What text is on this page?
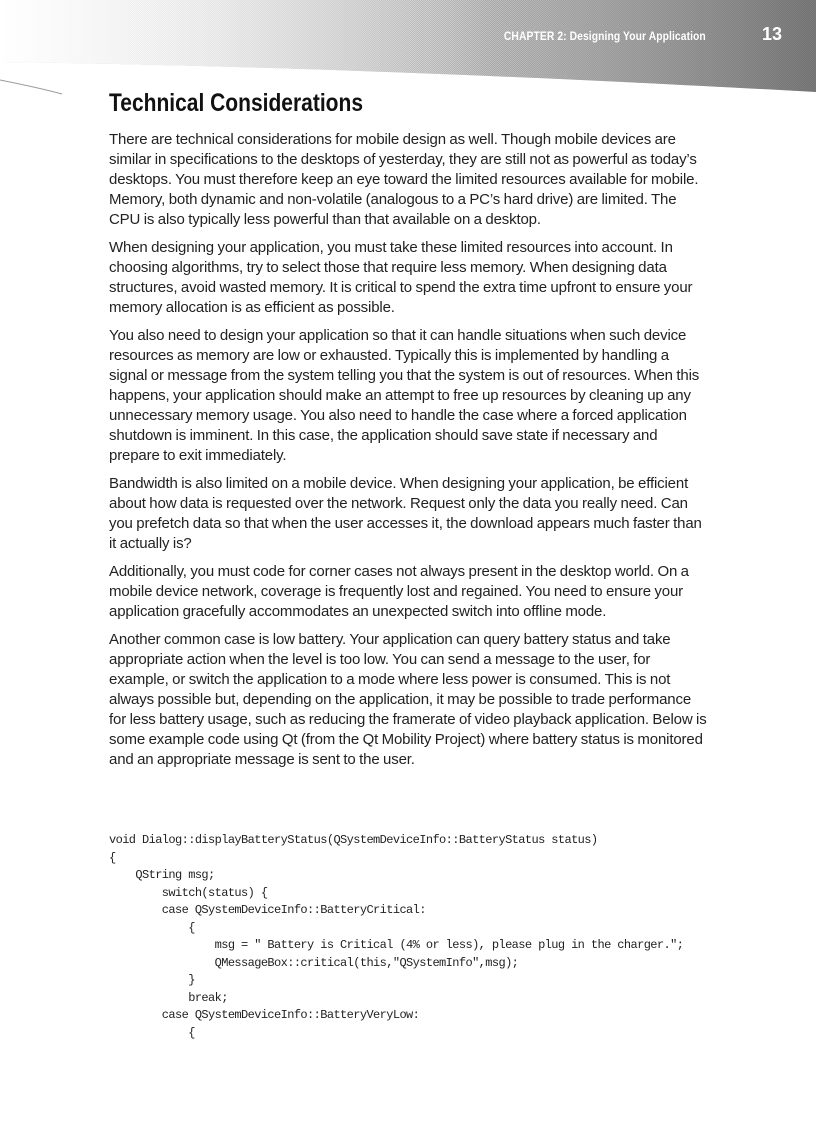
CHAPTER 2: Designing Your Application	13
Technical Considerations

There are technical considerations for mobile design as well. Though mobile devices are similar in specifications to the desktops of yesterday, they are still not as powerful as today’s desktops. You must therefore keep an eye toward the limited resources available for mobile. Memory, both dynamic and non-volatile (analogous to a PC’s hard drive) are limited. The CPU is also typically less powerful than that available on a desktop.

When designing your application, you must take these limited resources into account. In choosing algorithms, try to select those that require less memory. When designing data structures, avoid wasted memory. It is critical to spend the extra time upfront to ensure your memory allocation is as efficient as possible.

You also need to design your application so that it can handle situations when such device resources as memory are low or exhausted. Typically this is implemented by handling a signal or message from the system telling you that the system is out of resources. When this happens, your application should make an attempt to free up resources by cleaning up any unnecessary memory usage. You also need to handle the case where a forced application shutdown is imminent. In this case, the application should save state if necessary and prepare to exit immediately.

Bandwidth is also limited on a mobile device. When designing your application, be efficient about how data is requested over the network. Request only the data you really need. Can you prefetch data so that when the user accesses it, the download appears much faster than it actually is?

Additionally, you must code for corner cases not always present in the desktop world. On a mobile device network, coverage is frequently lost and regained. You need to ensure your application gracefully accommodates an unexpected switch into offline mode.

Another common case is low battery. Your application can query battery status and take appropriate action when the level is too low. You can send a message to the user, for example, or switch the application to a mode where less power is consumed. This is not always possible but, depending on the application, it may be possible to trade performance for less battery usage, such as reducing the framerate of video playback application. Below is some example code using Qt (from the Qt Mobility Project) where battery status is monitored and an appropriate message is sent to the user.

void Dialog::displayBatteryStatus(QSystemDeviceInfo::BatteryStatus status)
{
QString msg;
switch(status) {
case QSystemDeviceInfo::BatteryCritical:
{
msg = " Battery is Critical (4% or less), please plug in the charger.";
QMessageBox::critical(this,"QSystemInfo",msg);
}
break;
case QSystemDeviceInfo::BatteryVeryLow:
{
